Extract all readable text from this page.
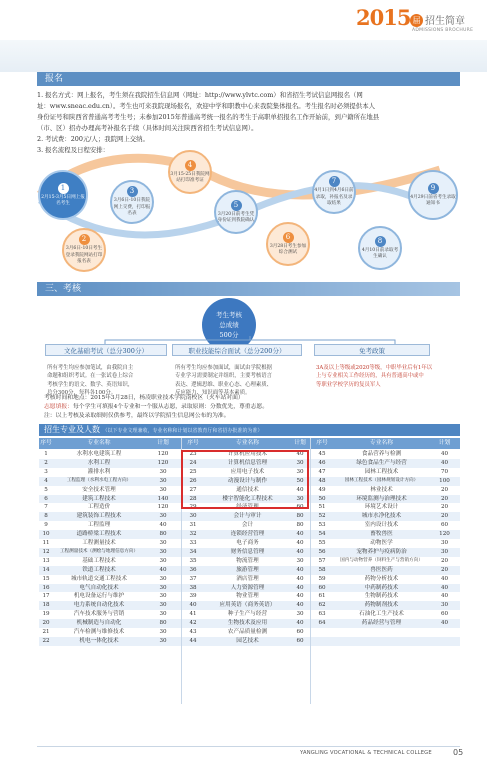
2015 届 招生简章
ADMISSIONS BROCHURE
报名
1. 报名方式：网上报名，考生须在我院招生信息网（网址：http://www.ylvtc.com）和省招生考试信息网报名（网
址：www.sneac.edu.cn）。考生也可来我院现场报名，欢迎中学和职教中心来我院集体报名。考生报名时必须提供本人
身份证号和陕西省普通高考考生号；未参加2015年普通高考统一报名的考生于高职单招报名工作开始前，到户籍所在地县
（市、区）招办办理高考补报名手续（具体时间关注陕西省招生考试信息网）。
2. 考试费：200元/人；我院网上交纳。
3. 报名流程及日程安排：
1
2月15-3月5日网上报名考生
2
3月6日-10日考生登录我院网站打印报名表
3
3月6日-10日我院网上交费，打印报名表
4
3月15-25日我院网站打印准考证
5
3月20日前考生凭身份证到我院确认
6
3月28日考生参加综合测试
7
4月1日到4月6日前录取，补报名及录取结果
8
4月10日前录取考生确认
9
4月29日前省考生录取通知书
三、考核
考生考核
总成绩
500分
文化基础考试（总分300分）	职业技能综合面试（总分200分）	免考政策
所有考生均应参加笔试，由我院自主
命题和组织考试。在一张试卷上综合
考核学生的语文、数学、英语知识，
总分300分，每科各100分。
所有考生均应参加面试，面试由学院根据
专业学习需要制定并组织，主要考核语言
表达、逻辑思维、职业心态、心理素质、
反应能力、知识面等基本素质。
3A及以上等级或2020等级，中职毕业后有1年以
上与专业相关工作经历的，具有普通高中或中
等职业学校学历的复员军人
考核时间和地点：2015年3月28日，杨凌职业技术学院南校区（火车站对面）
志愿填报：每个学生可填报4个专业和一个服从志愿，录取原则：分数优先，尊重志愿。
注：以上考核及录取细则仅供参考，最终以学院招生信息网公布的为准。
招生专业及人数 （以下专业文理兼收，专业名称和计划以省教育厅和省招办批准的为准）
序号	专业名称	计划	序号	专业名称	计划	序号	专业名称	计划
1	水利水电建筑工程	120	23	计算机应用技术	40	45	食品营养与检测	40
2	水利工程	120	24	计算机信息管理	30	46	绿色食品生产与经营	40
3	灌排水利	30	25	应用电子技术	30	47	园林工程技术	70
4	工程监理（水利水电工程方向）	30	26	动漫设计与制作	50	48	园林工程技术（园林规划设计方向）	100
5	安全技术管理	30	27	通信技术	40	49	林业技术	20
6	建筑工程技术	140	28	楼宇智能化工程技术	30	50	环境监测与治理技术	20
7	工程造价	120	29	经济管理	60	51	环境艺术设计	20
8	建筑装饰工程技术	30	30	会计与审计	80	52	城市水净化技术	20
9	工程监理	40	31	会计	80	53	室内设计技术	60
10	道路桥梁工程技术	80	32	连锁经营管理	40	54	畜牧兽医	120
11	工程测量技术	30	33	电子商务	40	55	动物医学	30
12	工程测量技术（测绘与地理信息方向）	30	34	财务信息管理	40	56	宠物养护与疫病防治	30
13	基础工程技术	30	35	物流管理	30	57	国内与动物营养（饲料生产与营销方向）	20
14	铁道工程技术	40	36	旅游管理	40	58	兽医医药	20
15	城市轨道交通工程技术	30	37	酒店管理	40	59	药物分析技术	40
16	电气自动化技术	30	38	人力资源管理	40	60	中药制药技术	40
17	机电设备运行与维护	30	39	物业管理	40	61	生物制药技术	40
18	电力系统自动化技术	30	40	应用英语（商务英语）	40	62	药物制剂技术	30
19	汽车技术服务与营销	30	41	种子生产与经营	30	63	石油化工生产技术	60
20	机械制造与自动化	80	42	生物技术及应用	40	64	药品经营与管理	40
21	汽车检测与维修技术	30	43	农产品质量检测	60
22	机电一体化技术	30	44	园艺技术	60
YANGLING VOCATIONAL & TECHNICAL COLLEGE	05
